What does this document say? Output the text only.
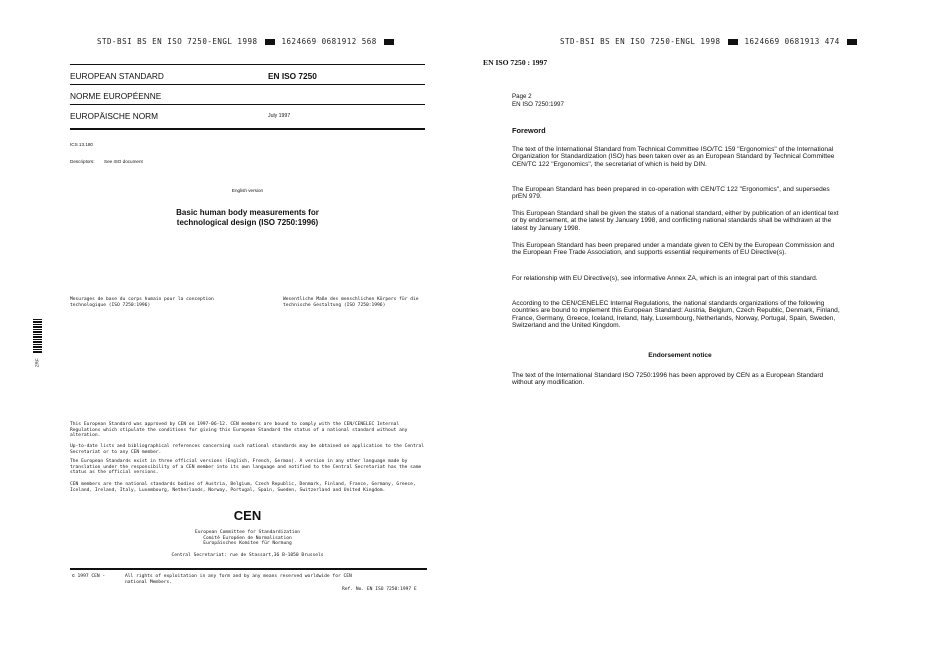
STD-BSI BS EN ISO 7250-ENGL 1998	1624669 0681912 568
EUROPEAN STANDARD	EN ISO 7250
NORME EUROPÉENNE
EUROPÄISCHE NORM	July 1997
ICS 13.180
Descriptors: See ISO document
English version
Basic human body measurements for
technological design (ISO 7250:1996)
Mesurages de base du corps humain pour la conception technologique (ISO 7250:1996)
Wesentliche Maße des menschlichen Körpers für die technische Gestaltung (ISO 7250:1996)
ZRF
This European Standard was approved by CEN on 1997-06-12. CEN members are bound to comply with the CEN/CENELEC Internal Regulations which stipulate the conditions for giving this European Standard the status of a national standard without any alteration.
Up-to-date lists and bibliographical references concerning such national standards may be obtained on application to the Central Secretariat or to any CEN member.
The European Standards exist in three official versions (English, French, German). A version in any other language made by translation under the responsibility of a CEN member into its own language and notified to the Central Secretariat has the same status as the official versions.
CEN members are the national standards bodies of Austria, Belgium, Czech Republic, Denmark, Finland, France, Germany, Greece, Iceland, Ireland, Italy, Luxembourg, Netherlands, Norway, Portugal, Spain, Sweden, Switzerland and United Kingdom.
CEN
European Committee for Standardization
Comité Européen de Normalisation
Europäisches Komitee für Normung
Central Secretariat: rue de Stassart,36 B-1050 Brussels
© 1997 CEN -	All rights of exploitation in any form and by any means reserved worldwide for CEN national Members.
Ref. No. EN ISO 7250:1997 E
STD-BSI BS EN ISO 7250-ENGL 1998	1624669 0681913 474
EN ISO 7250 : 1997
Page 2
EN ISO 7250:1997
Foreword
The text of the International Standard from Technical Committee ISO/TC 159 "Ergonomics" of the International Organization for Standardization (ISO) has been taken over as an European Standard by Technical Committee CEN/TC 122 "Ergonomics", the secretariat of which is held by DIN.
The European Standard has been prepared in co-operation with CEN/TC 122 "Ergonomics", and supersedes prEN 979.
This European Standard shall be given the status of a national standard, either by publication of an identical text or by endorsement, at the latest by January 1998, and conflicting national standards shall be withdrawn at the latest by January 1998.
This European Standard has been prepared under a mandate given to CEN by the European Commission and the European Free Trade Association, and supports essential requirements of EU Directive(s).
For relationship with EU Directive(s), see informative Annex ZA, which is an integral part of this standard.
According to the CEN/CENELEC Internal Regulations, the national standards organizations of the following countries are bound to implement this European Standard: Austria, Belgium, Czech Republic, Denmark, Finland, France, Germany, Greece, Iceland, Ireland, Italy, Luxembourg, Netherlands, Norway, Portugal, Spain, Sweden, Switzerland and the United Kingdom.
Endorsement notice
The text of the International Standard ISO 7250:1996 has been approved by CEN as a European Standard without any modification.
